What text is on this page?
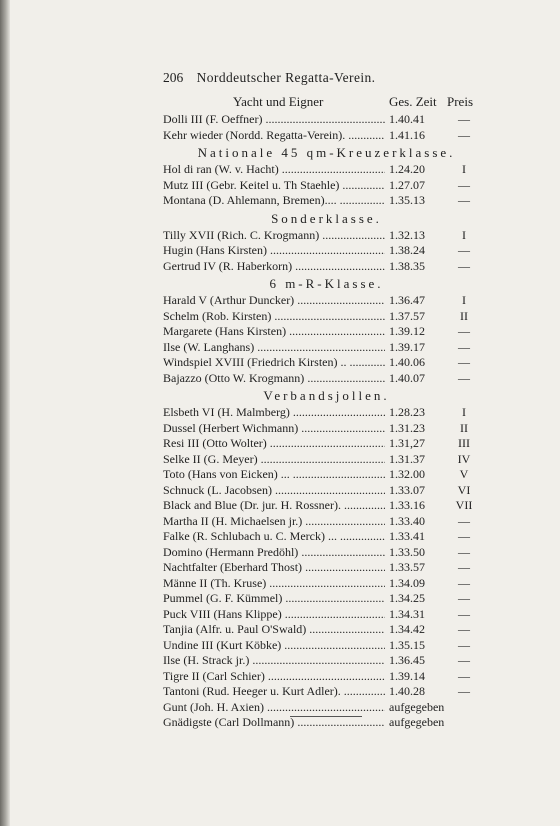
206 Norddeutscher Regatta-Verein.
Yacht und Eigner	Ges. Zeit Preis
Dolli III (F. Oeffner) .....	1.40.41	—
Kehr wieder (Nordd. Regatta-Verein). .....	1.41.16	—
Nationale 45 qm-Kreuzerklasse.
Hol di ran (W. v. Hacht) .....	1.24.20	I
Mutz III (Gebr. Keitel u. Th Staehle) .....	1.27.07	—
Montana (D. Ahlemann, Bremen).... .....	1.35.13	—
Sonderklasse.
Tilly XVII (Rich. C. Krogmann) .....	1.32.13	I
Hugin (Hans Kirsten) .....	1.38.24	—
Gertrud IV (R. Haberkorn) .....	1.38.35	—
6 m-R-Klasse.
Harald V (Arthur Duncker) .....	1.36.47	I
Schelm (Rob. Kirsten) .....	1.37.57	II
Margarete (Hans Kirsten) .....	1.39.12	—
Ilse (W. Langhans) .....	1.39.17	—
Windspiel XVIII (Friedrich Kirsten) .. .....	1.40.06	—
Bajazzo (Otto W. Krogmann) .....	1.40.07	—
Verbandsjollen.
Elsbeth VI (H. Malmberg) .....	1.28.23	I
Dussel (Herbert Wichmann) .....	1.31.23	II
Resi III (Otto Wolter) .....	1.31,27	III
Selke II (G. Meyer) .....	1.31.37	IV
Toto (Hans von Eicken) ... .....	1.32.00	V
Schnuck (L. Jacobsen) .....	1.33.07	VI
Black and Blue (Dr. jur. H. Rossner). .....	1.33.16	VII
Martha II (H. Michaelsen jr.) .....	1.33.40	—
Falke (R. Schlubach u. C. Merck) ... .....	1.33.41	—
Domino (Hermann Predöhl) .....	1.33.50	—
Nachtfalter (Eberhard Thost) .....	1.33.57	—
Männe II (Th. Kruse) .....	1.34.09	—
Pummel (G. F. Kümmel) .....	1.34.25	—
Puck VIII (Hans Klippe) .....	1.34.31	—
Tanjia (Alfr. u. Paul O'Swald) .....	1.34.42	—
Undine III (Kurt Köbke) .....	1.35.15	—
Ilse (H. Strack jr.) .....	1.36.45	—
Tigre II (Carl Schier) .....	1.39.14	—
Tantoni (Rud. Heeger u. Kurt Adler). .....	1.40.28	—
Gunt (Joh. H. Axien) .....	aufgegeben
Gnädigste (Carl Dollmann) .....	aufgegeben
